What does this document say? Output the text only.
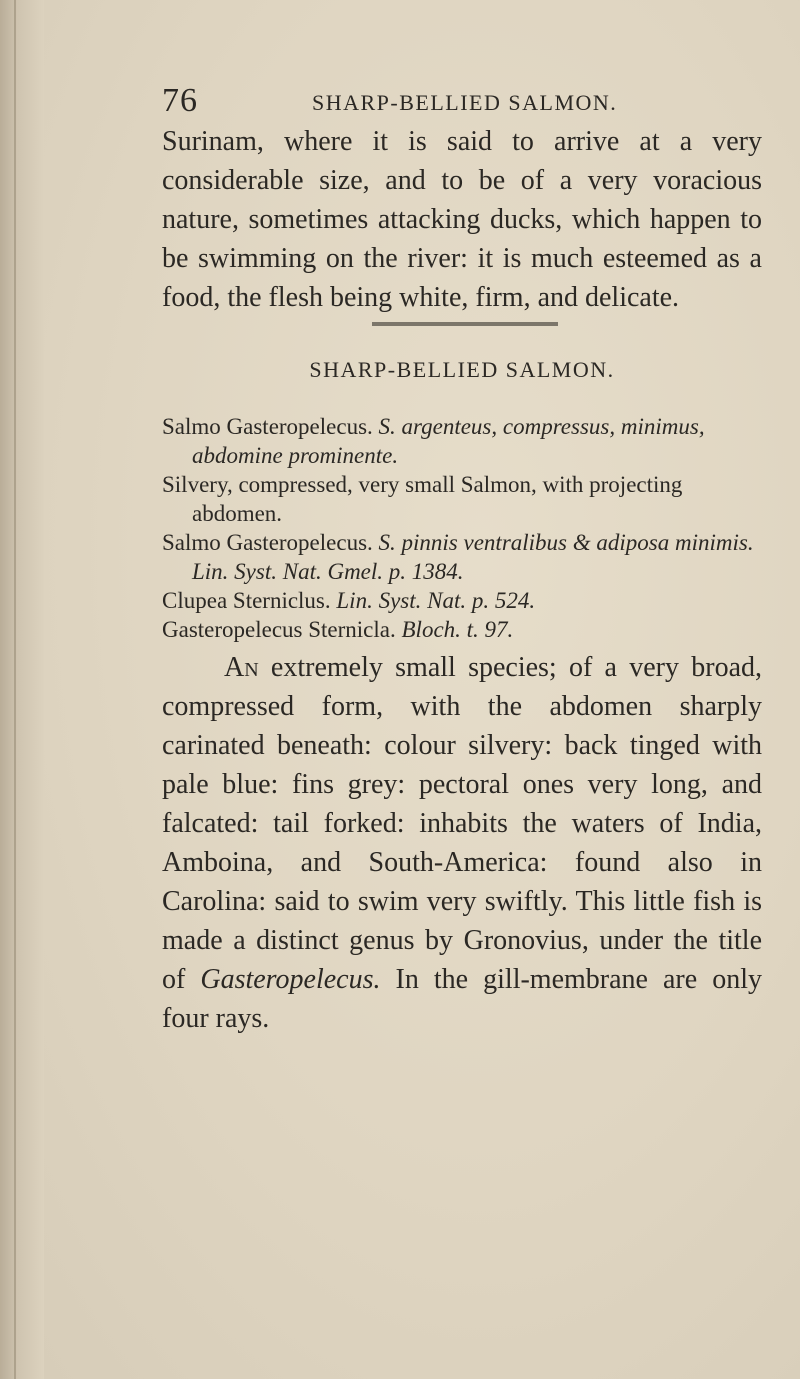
76	SHARP-BELLIED SALMON.

Surinam, where it is said to arrive at a very considerable size, and to be of a very voracious nature, sometimes attacking ducks, which happen to be swimming on the river: it is much esteemed as a food, the flesh being white, firm, and delicate.

SHARP-BELLIED SALMON.

Salmo Gasteropelecus. S. argenteus, compressus, minimus, abdomine prominente.

Silvery, compressed, very small Salmon, with projecting abdomen.

Salmo Gasteropelecus. S. pinnis ventralibus & adiposa minimis. Lin. Syst. Nat. Gmel. p. 1384.

Clupea Sterniclus. Lin. Syst. Nat. p. 524.

Gasteropelecus Sternicla. Bloch. t. 97.

An extremely small species; of a very broad, compressed form, with the abdomen sharply carinated beneath: colour silvery: back tinged with pale blue: fins grey: pectoral ones very long, and falcated: tail forked: inhabits the waters of India, Amboina, and South-America: found also in Carolina: said to swim very swiftly. This little fish is made a distinct genus by Gronovius, under the title of Gasteropelecus. In the gill-membrane are only four rays.
